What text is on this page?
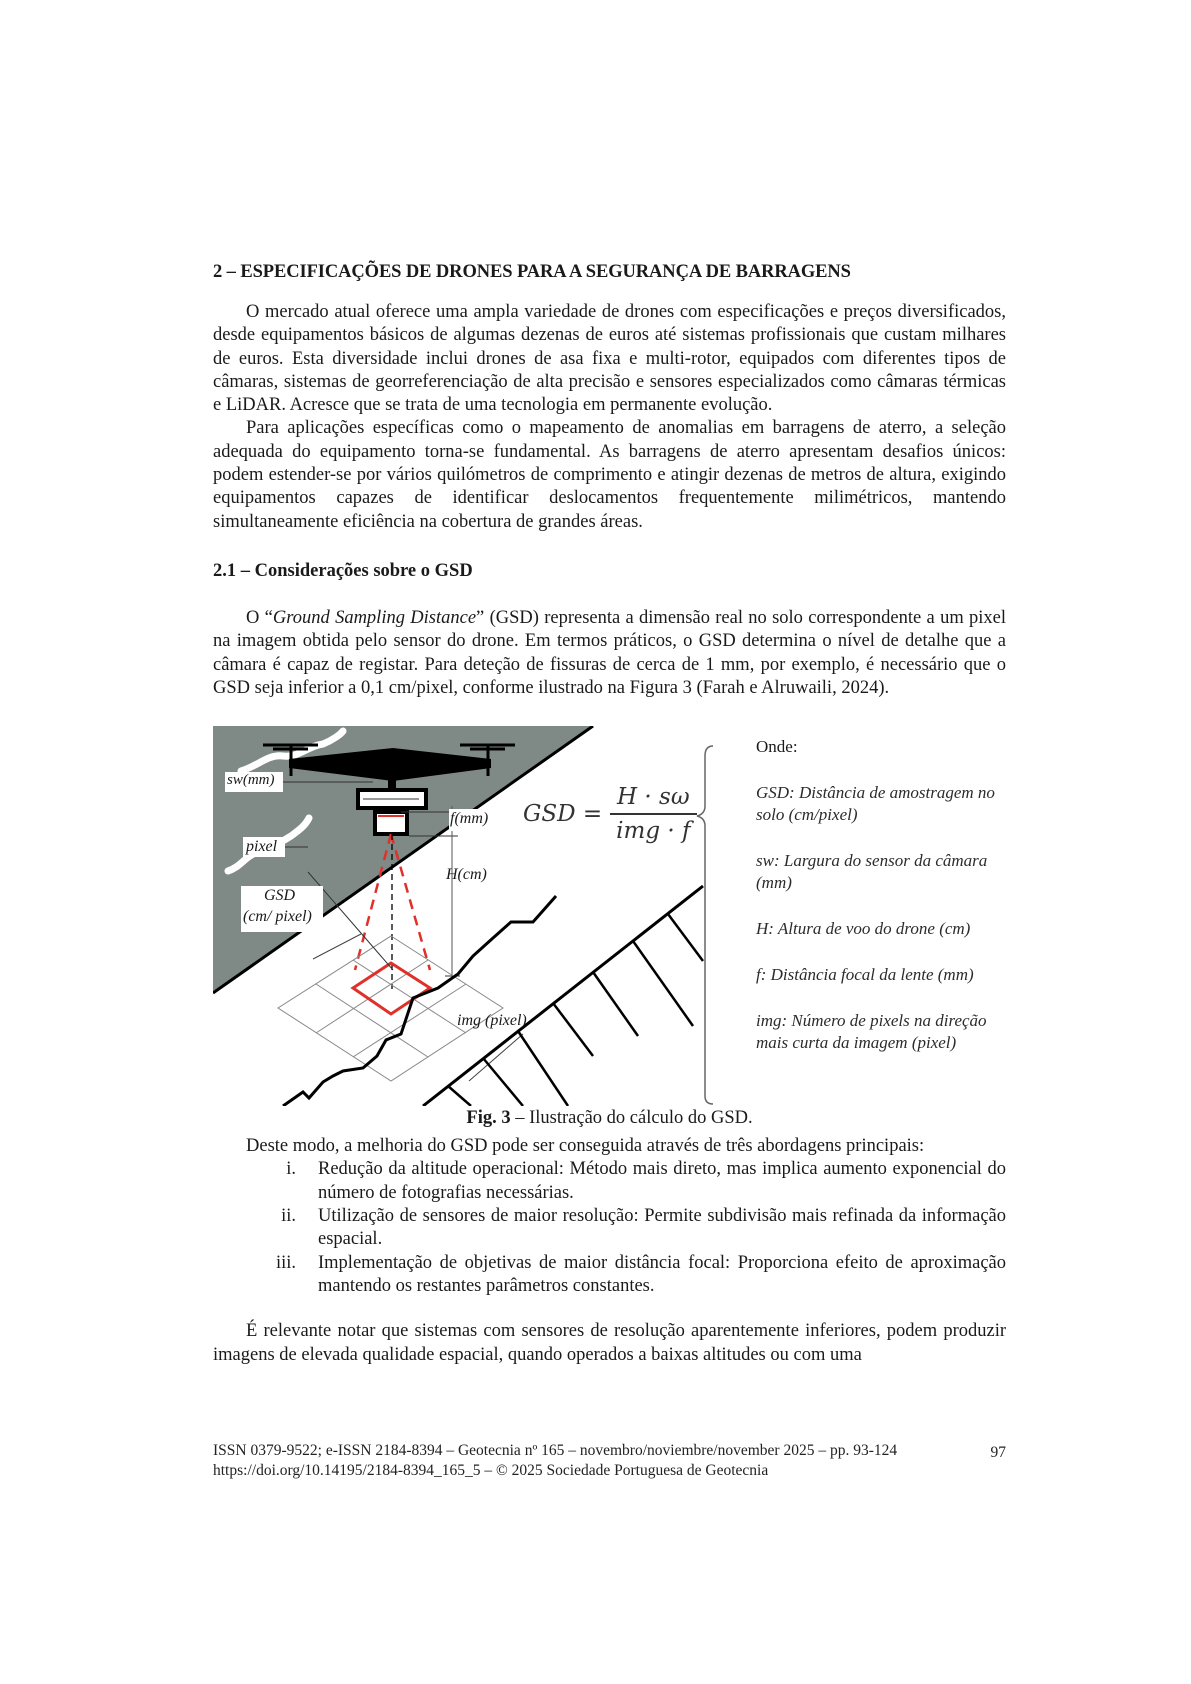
2 – ESPECIFICAÇÕES DE DRONES PARA A SEGURANÇA DE BARRAGENS

O mercado atual oferece uma ampla variedade de drones com especificações e preços diversificados, desde equipamentos básicos de algumas dezenas de euros até sistemas profissionais que custam milhares de euros. Esta diversidade inclui drones de asa fixa e multi-rotor, equipados com diferentes tipos de câmaras, sistemas de georreferenciação de alta precisão e sensores especializados como câmaras térmicas e LiDAR. Acresce que se trata de uma tecnologia em permanente evolução.

Para aplicações específicas como o mapeamento de anomalias em barragens de aterro, a seleção adequada do equipamento torna-se fundamental. As barragens de aterro apresentam desafios únicos: podem estender-se por vários quilómetros de comprimento e atingir dezenas de metros de altura, exigindo equipamentos capazes de identificar deslocamentos frequentemente milimétricos, mantendo simultaneamente eficiência na cobertura de grandes áreas.

2.1 – Considerações sobre o GSD

O “Ground Sampling Distance” (GSD) representa a dimensão real no solo correspondente a um pixel na imagem obtida pelo sensor do drone. Em termos práticos, o GSD determina o nível de detalhe que a câmara é capaz de registar. Para deteção de fissuras de cerca de 1 mm, por exemplo, é necessário que o GSD seja inferior a 0,1 cm/pixel, conforme ilustrado na Figura 3 (Farah e Alruwaili, 2024).

sw(mm)
pixel
GSD
(cm/ pixel)
f(mm)
H(cm)
img (pixel)
GSD =
H · sω
img · f
Onde:
GSD: Distância de amostragem no solo (cm/pixel)
sw: Largura do sensor da câmara (mm)
H: Altura de voo do drone (cm)
f: Distância focal da lente (mm)
img: Número de pixels na direção mais curta da imagem (pixel)
Fig. 3 – Ilustração do cálculo do GSD.

Deste modo, a melhoria do GSD pode ser conseguida através de três abordagens principais:

i. Redução da altitude operacional: Método mais direto, mas implica aumento exponencial do número de fotografias necessárias.
ii. Utilização de sensores de maior resolução: Permite subdivisão mais refinada da informação espacial.
iii. Implementação de objetivas de maior distância focal: Proporciona efeito de aproximação mantendo os restantes parâmetros constantes.

É relevante notar que sistemas com sensores de resolução aparentemente inferiores, podem produzir imagens de elevada qualidade espacial, quando operados a baixas altitudes ou com uma

ISSN 0379-9522; e-ISSN 2184-8394 – Geotecnia nº 165 – novembro/noviembre/november 2025 – pp. 93-124
https://doi.org/10.14195/2184-8394_165_5 – © 2025 Sociedade Portuguesa de Geotecnia
97
